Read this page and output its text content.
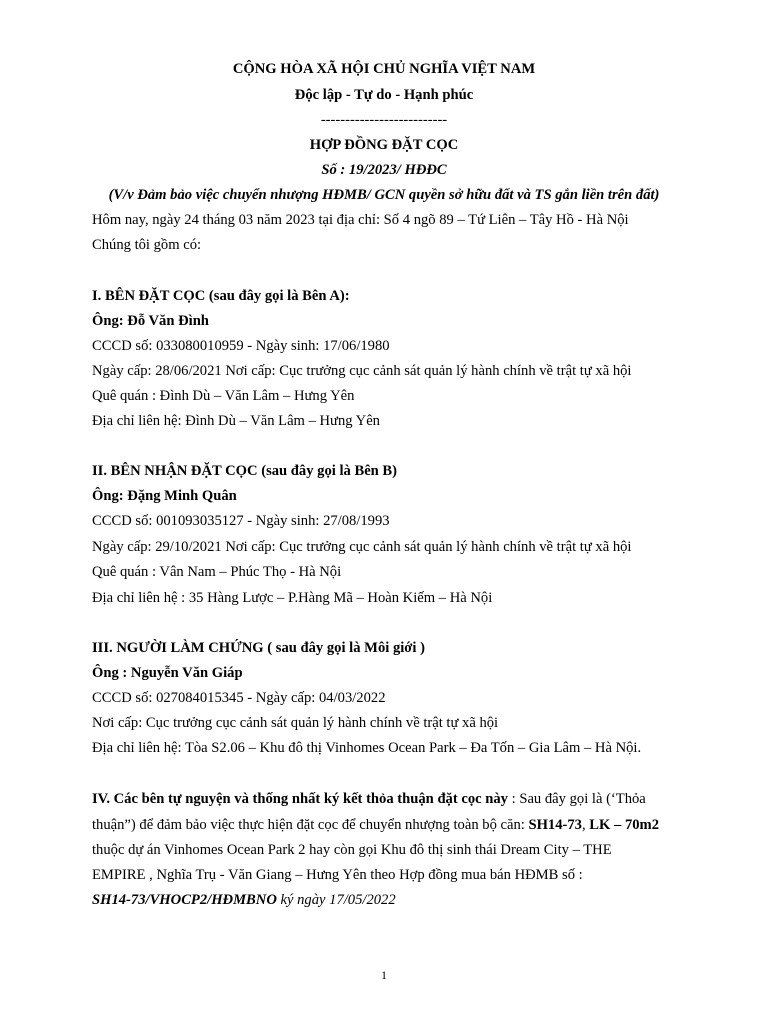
CỘNG HÒA XÃ HỘI CHỦ NGHĨA VIỆT NAM
Độc lập - Tự do - Hạnh phúc
--------------------------
HỢP ĐỒNG ĐẶT CỌC
Số : 19/2023/ HĐĐC
(V/v Đảm bảo việc chuyển nhượng HĐMB/ GCN quyền sở hữu đất và TS gắn liền trên đất)
Hôm nay, ngày 24 tháng 03 năm 2023 tại địa chỉ: Số 4 ngõ 89 – Tứ Liên – Tây Hồ - Hà Nội
Chúng tôi gồm có:
I. BÊN ĐẶT CỌC (sau đây gọi là Bên A):
Ông: Đỗ Văn Đình
CCCD số: 033080010959 - Ngày sinh: 17/06/1980
Ngày cấp: 28/06/2021 Nơi cấp: Cục trưởng cục cảnh sát quản lý hành chính về trật tự xã hội
Quê quán : Đình Dù – Văn Lâm – Hưng Yên
Địa chỉ liên hệ: Đình Dù – Văn Lâm – Hưng Yên
II. BÊN NHẬN ĐẶT CỌC (sau đây gọi là Bên B)
Ông: Đặng Minh Quân
CCCD số: 001093035127 - Ngày sinh: 27/08/1993
Ngày cấp: 29/10/2021 Nơi cấp: Cục trưởng cục cảnh sát quản lý hành chính về trật tự xã hội
Quê quán : Vân Nam – Phúc Thọ - Hà Nội
Địa chỉ liên hệ : 35 Hàng Lược – P.Hàng Mã – Hoàn Kiếm – Hà Nội
III. NGƯỜI LÀM CHỨNG ( sau đây gọi là Môi giới )
Ông : Nguyễn Văn Giáp
CCCD số: 027084015345 - Ngày cấp: 04/03/2022
Nơi cấp: Cục trưởng cục cảnh sát quản lý hành chính về trật tự xã hội
Địa chỉ liên hệ: Tòa S2.06 – Khu đô thị Vinhomes Ocean Park – Đa Tốn – Gia Lâm – Hà Nội.
IV. Các bên tự nguyện và thống nhất ký kết thỏa thuận đặt cọc này : Sau đây gọi là (‘Thỏa
thuận”) để đảm bảo việc thực hiện đặt cọc để chuyển nhượng toàn bộ căn: SH14-73, LK – 70m2
thuộc dự án Vinhomes Ocean Park 2 hay còn gọi Khu đô thị sinh thái Dream City – THE
EMPIRE , Nghĩa Trụ - Văn Giang – Hưng Yên theo Hợp đồng mua bán HĐMB số :
SH14-73/VHOCP2/HĐMBNO ký ngày 17/05/2022
1
